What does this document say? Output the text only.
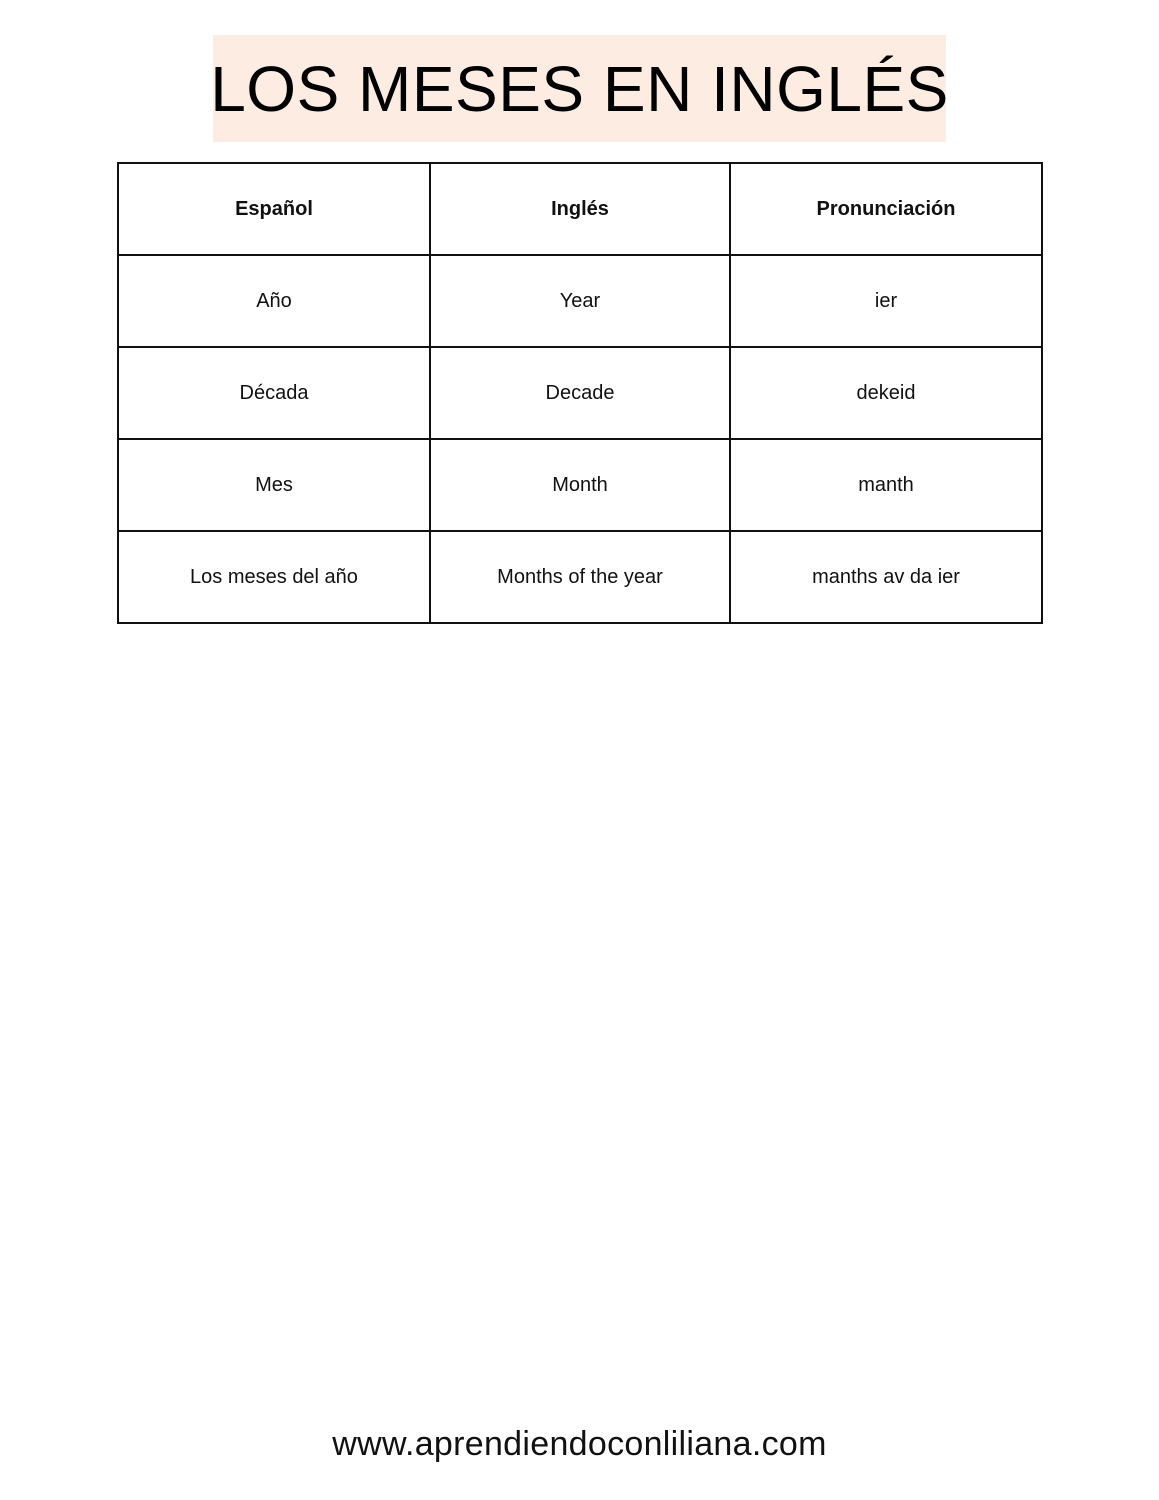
LOS MESES EN INGLÉS
Español	Inglés	Pronunciación
Año	Year	ier
Década	Decade	dekeid
Mes	Month	manth
Los meses del año	Months of the year	manths av da ier
www.aprendiendoconliliana.com
